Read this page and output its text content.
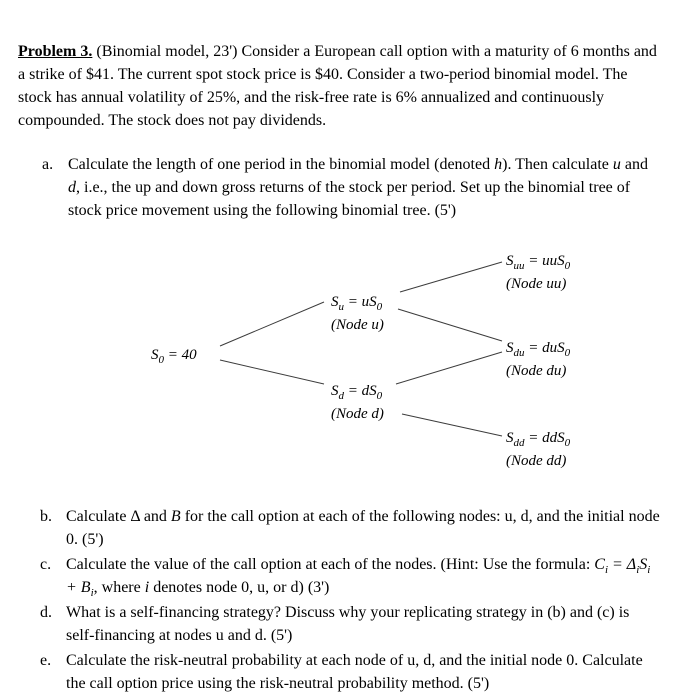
Problem 3. (Binomial model, 23') Consider a European call option with a maturity of 6 months and a strike of $41. The current spot stock price is $40. Consider a two-period binomial model. The stock has annual volatility of 25%, and the risk-free rate is 6% annualized and continuously compounded. The stock does not pay dividends.

a. Calculate the length of one period in the binomial model (denoted h). Then calculate u and d, i.e., the up and down gross returns of the stock per period. Set up the binomial tree of stock price movement using the following binomial tree. (5')
$S_0 = 40$
$S_u = uS_0$
(Node u)
$S_d = dS_0$
(Node d)
$S_{uu} = uuS_0$
(Node uu)
$S_{du} = duS_0$
(Node du)
$S_{dd} = ddS_0$
(Node dd)
b. Calculate Δ and B for the call option at each of the following nodes: u, d, and the initial node 0. (5')
c. Calculate the value of the call option at each of the nodes. (Hint: Use the formula: $C_i = \Delta_iS_i + B_i$, where i denotes node 0, u, or d) (3')
d. What is a self-financing strategy? Discuss why your replicating strategy in (b) and (c) is self-financing at nodes u and d. (5')
e. Calculate the risk-neutral probability at each node of u, d, and the initial node 0. Calculate the call option price using the risk-neutral probability method. (5')
